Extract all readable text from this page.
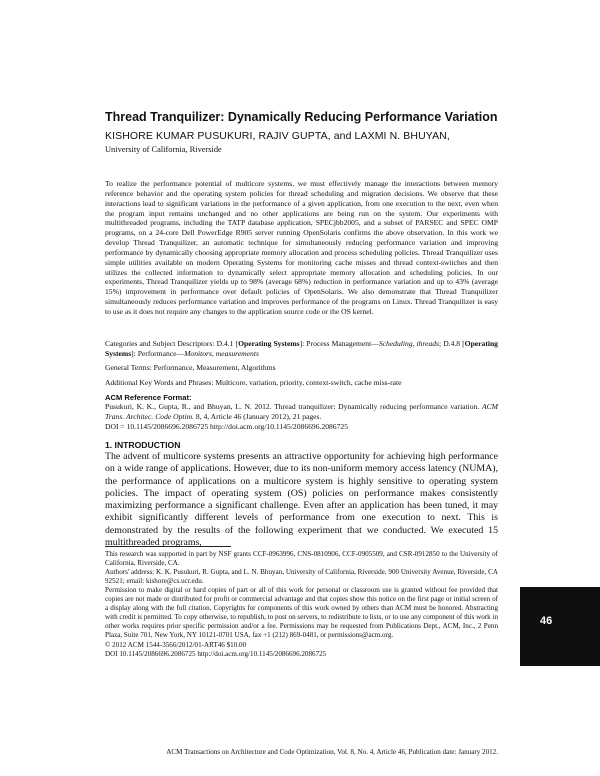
Thread Tranquilizer: Dynamically Reducing Performance Variation
KISHORE KUMAR PUSUKURI, RAJIV GUPTA, and LAXMI N. BHUYAN,
University of California, Riverside

To realize the performance potential of multicore systems, we must effectively manage the interactions between memory reference behavior and the operating system policies for thread scheduling and migration decisions. We observe that these interactions lead to significant variations in the performance of a given application, from one execution to the next, even when the program input remains unchanged and no other applications are being run on the system. Our experiments with multithreaded programs, including the TATP database application, SPECjbb2005, and a subset of PARSEC and SPEC OMP programs, on a 24-core Dell PowerEdge R905 server running OpenSolaris confirms the above observation. In this work we develop Thread Tranquilizer, an automatic technique for simultaneously reducing performance variation and improving performance by dynamically choosing appropriate memory allocation and process scheduling policies. Thread Tranquilizer uses simple utilities available on modern Operating Systems for monitoring cache misses and thread context-switches and then utilizes the collected information to dynamically select appropriate memory allocation and scheduling policies. In our experiments, Thread Tranquilizer yields up to 98% (average 68%) reduction in performance variation and up to 43% (average 15%) improvement in performance over default policies of OpenSolaris. We also demonstrate that Thread Tranquilizer simultaneously reduces performance variation and improves performance of the programs on Linux. Thread Tranquilizer is easy to use as it does not require any changes to the application source code or the OS kernel.

Categories and Subject Descriptors: D.4.1 [Operating Systems]: Process Management—Scheduling, threads; D.4.8 [Operating Systems]: Performance—Monitors, measurements

General Terms: Performance, Measurement, Algorithms

Additional Key Words and Phrases: Multicore, variation, priority, context-switch, cache miss-rate

ACM Reference Format:

Pusukuri, K. K., Gupta, R., and Bhuyan, L. N. 2012. Thread tranquilizer: Dynamically reducing performance variation. ACM Trans. Architec. Code Optim. 8, 4, Article 46 (January 2012), 21 pages.
DOI = 10.1145/2086696.2086725 http://doi.acm.org/10.1145/2086696.2086725

1. INTRODUCTION

The advent of multicore systems presents an attractive opportunity for achieving high performance on a wide range of applications. However, due to its non-uniform memory access latency (NUMA), the performance of applications on a multicore system is highly sensitive to operating system policies. The impact of operating system (OS) policies on performance makes consistently maximizing performance a significant challenge. Even after an application has been tuned, it may exhibit significantly different levels of performance from one execution to next. This is demonstrated by the results of the following experiment that we conducted. We executed 15 multithreaded programs,

This research was supported in part by NSF grants CCF-0963996, CNS-0810906, CCF-0905509, and CSR-0912850 to the University of California, Riverside, CA.

Authors' address: K. K. Pusukuri, R. Gupta, and L. N. Bhuyan, University of California, Riverside, 900 University Avenue, Riverside, CA 92521; email: kishore@cs.ucr.edu.

Permission to make digital or hard copies of part or all of this work for personal or classroom use is granted without fee provided that copies are not made or distributed for profit or commercial advantage and that copies show this notice on the first page or initial screen of a display along with the full citation. Copyrights for components of this work owned by others than ACM must be honored. Abstracting with credit is permitted. To copy otherwise, to republish, to post on servers, to redistribute to lists, or to use any component of this work in other works requires prior specific permission and/or a fee. Permissions may be requested from Publications Dept., ACM, Inc., 2 Penn Plaza, Suite 701, New York, NY 10121-0701 USA, fax +1 (212) 869-0481, or permissions@acm.org.
© 2012 ACM 1544-3566/2012/01-ART46 $10.00
DOI 10.1145/2086696.2086725 http://doi.acm.org/10.1145/2086696.2086725
ACM Transactions on Architecture and Code Optimization, Vol. 8, No. 4, Article 46, Publication date: January 2012.
46
